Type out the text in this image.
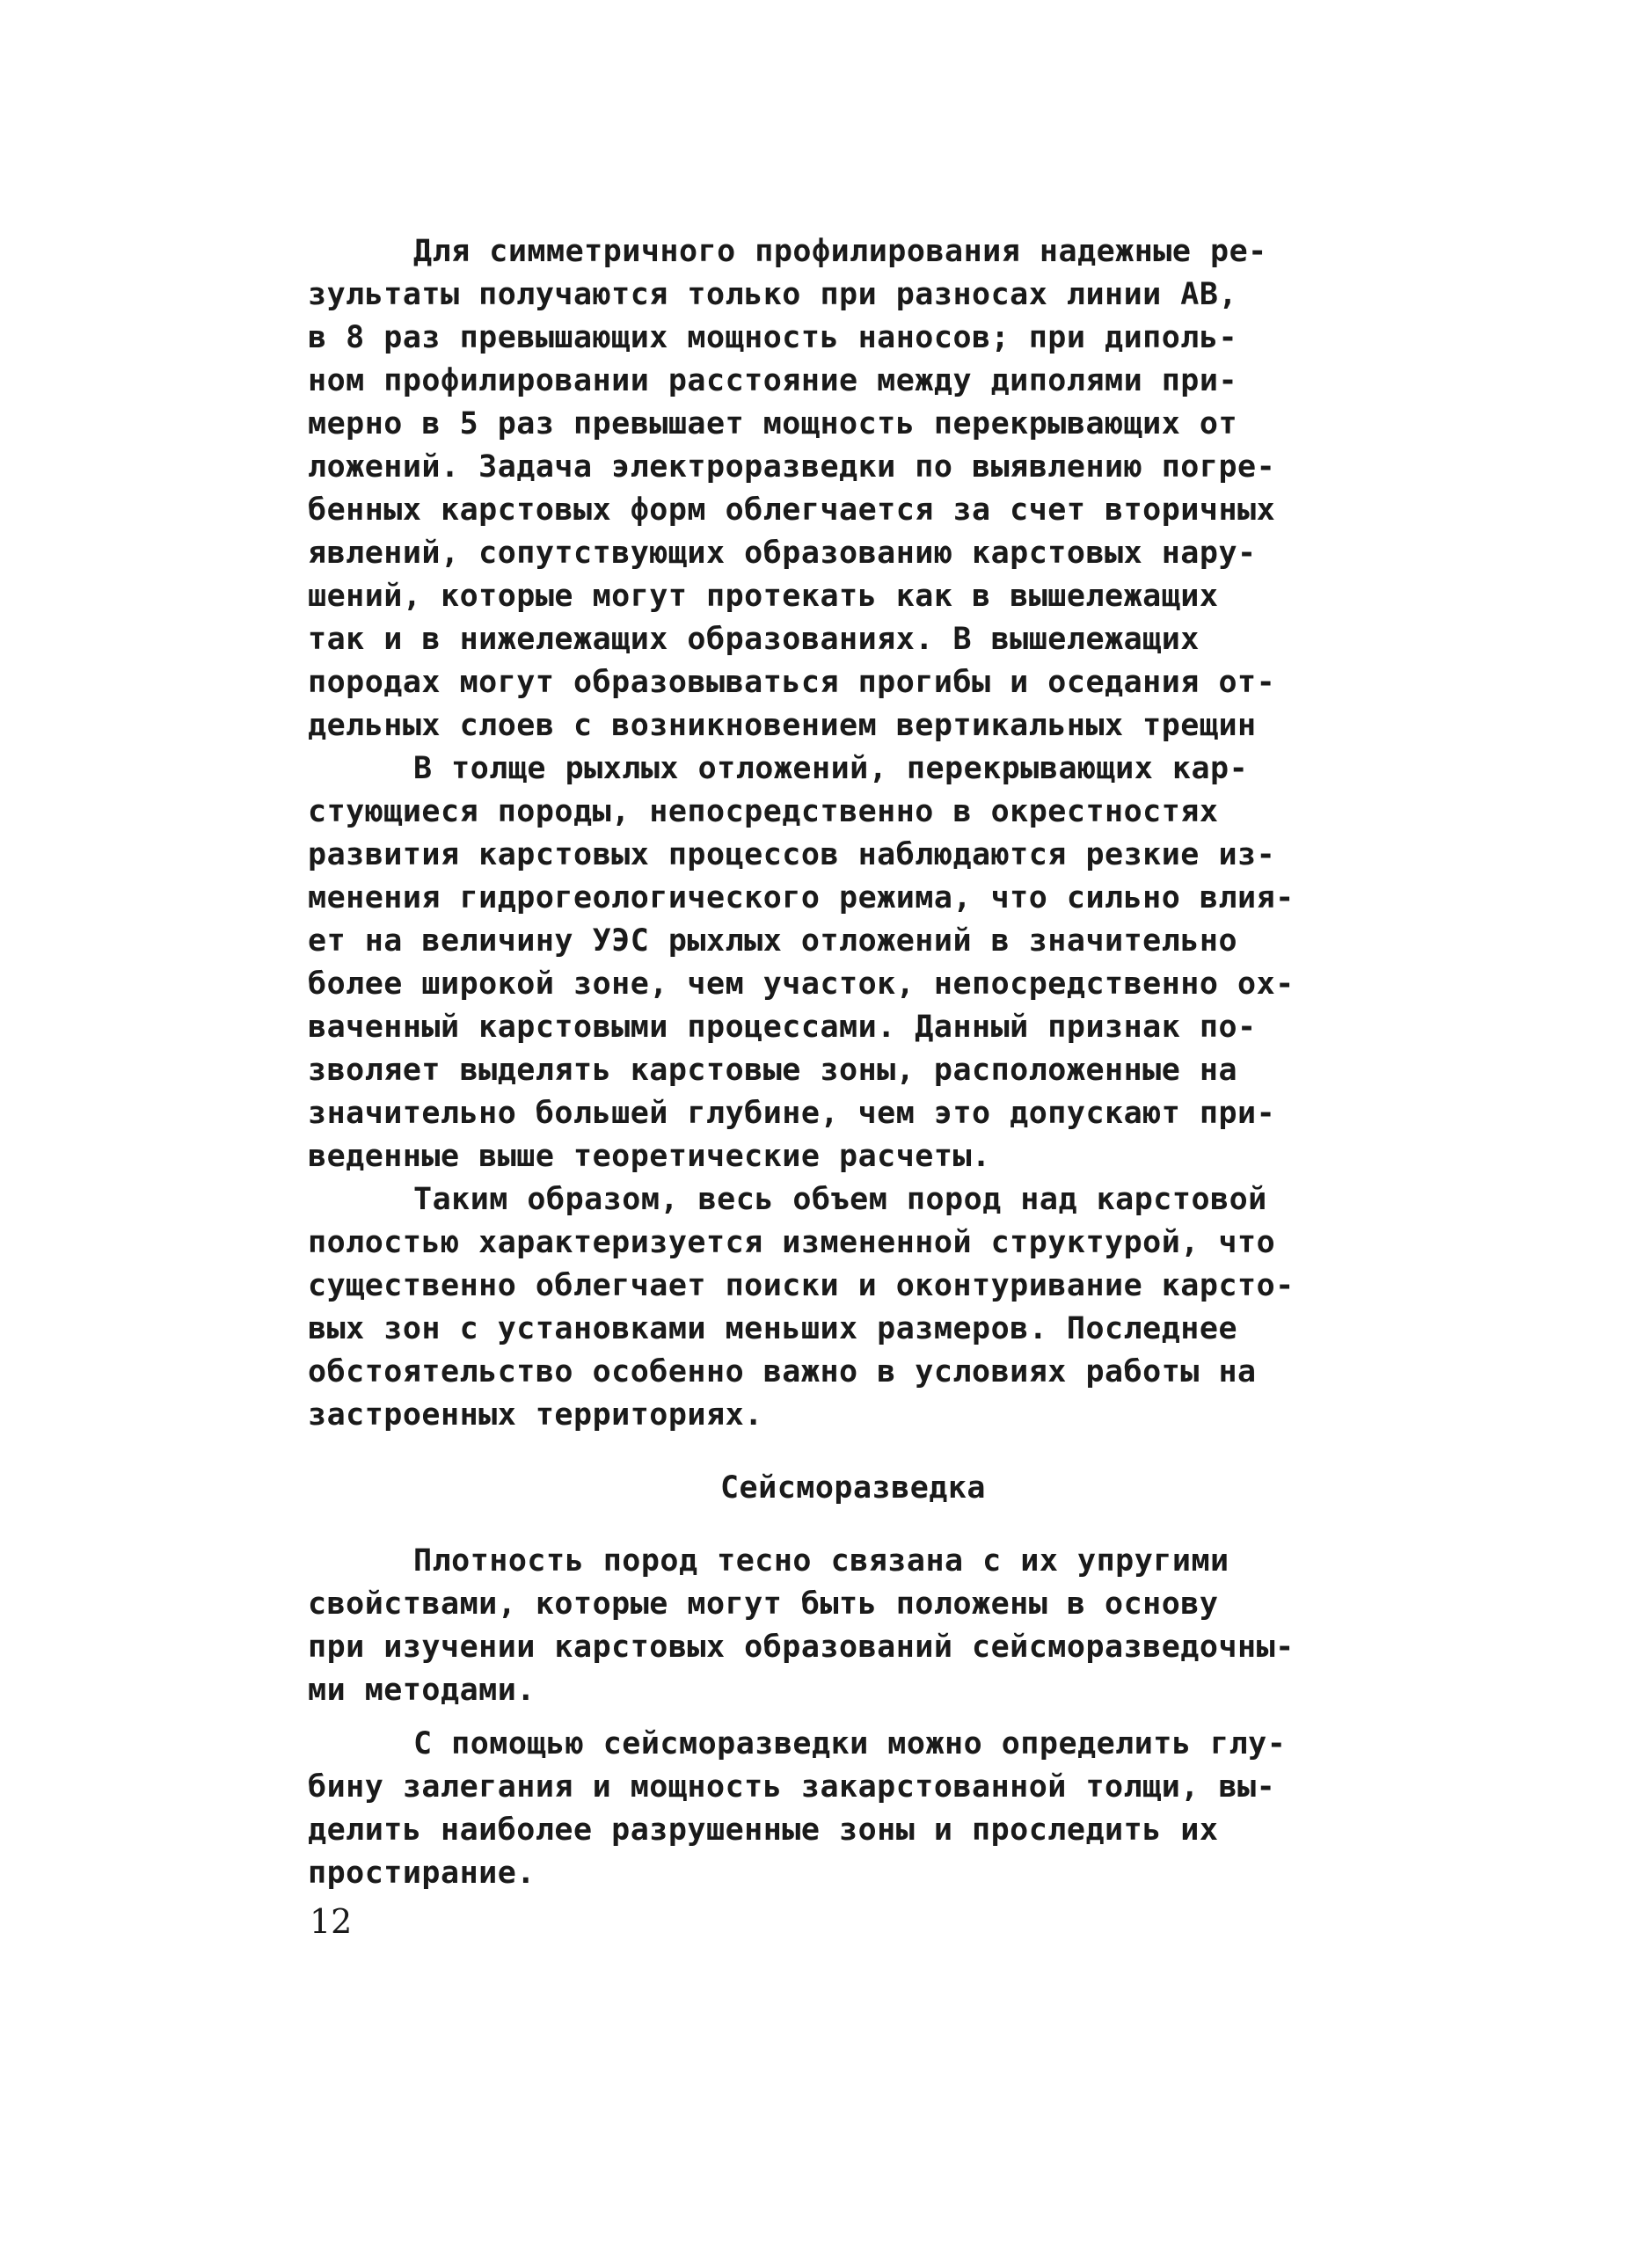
Для симметричного профилирования надежные ре-
зультаты получаются только при разносах линии АВ,
в 8 раз превышающих мощность наносов; при диполь-
ном профилировании расстояние между диполями при-
мерно в 5 раз превышает мощность перекрывающих от
ложений. Задача электроразведки по выявлению погре-
бенных карстовых форм облегчается за счет вторичных
явлений, сопутствующих образованию карстовых нару-
шений, которые могут протекать как в вышележащих
так и в нижележащих образованиях. В вышележащих
породах могут образовываться прогибы и оседания от-
дельных слоев с возникновением вертикальных трещин
В толще рыхлых отложений, перекрывающих кар-
стующиеся породы, непосредственно в окрестностях
развития карстовых процессов наблюдаются резкие из-
менения гидрогеологического режима, что сильно влия-
ет на величину УЭС рыхлых отложений в значительно
более широкой зоне, чем участок, непосредственно ох-
ваченный карстовыми процессами. Данный признак по-
зволяет выделять карстовые зоны, расположенные на
значительно большей глубине, чем это допускают при-
веденные выше теоретические расчеты.
Таким образом, весь объем пород над карстовой
полостью характеризуется измененной структурой, что
существенно облегчает поиски и оконтуривание карсто-
вых зон с установками меньших размеров. Последнее
обстоятельство особенно важно в условиях работы на
застроенных территориях.
Сейсморазведка
Плотность пород тесно связана с их упругими
свойствами, которые могут быть положены в основу
при изучении карстовых образований сейсморазведочны-
ми методами.
С помощью сейсморазведки можно определить глу-
бину залегания и мощность закарстованной толщи, вы-
делить наиболее разрушенные зоны и проследить их
простирание.
12
